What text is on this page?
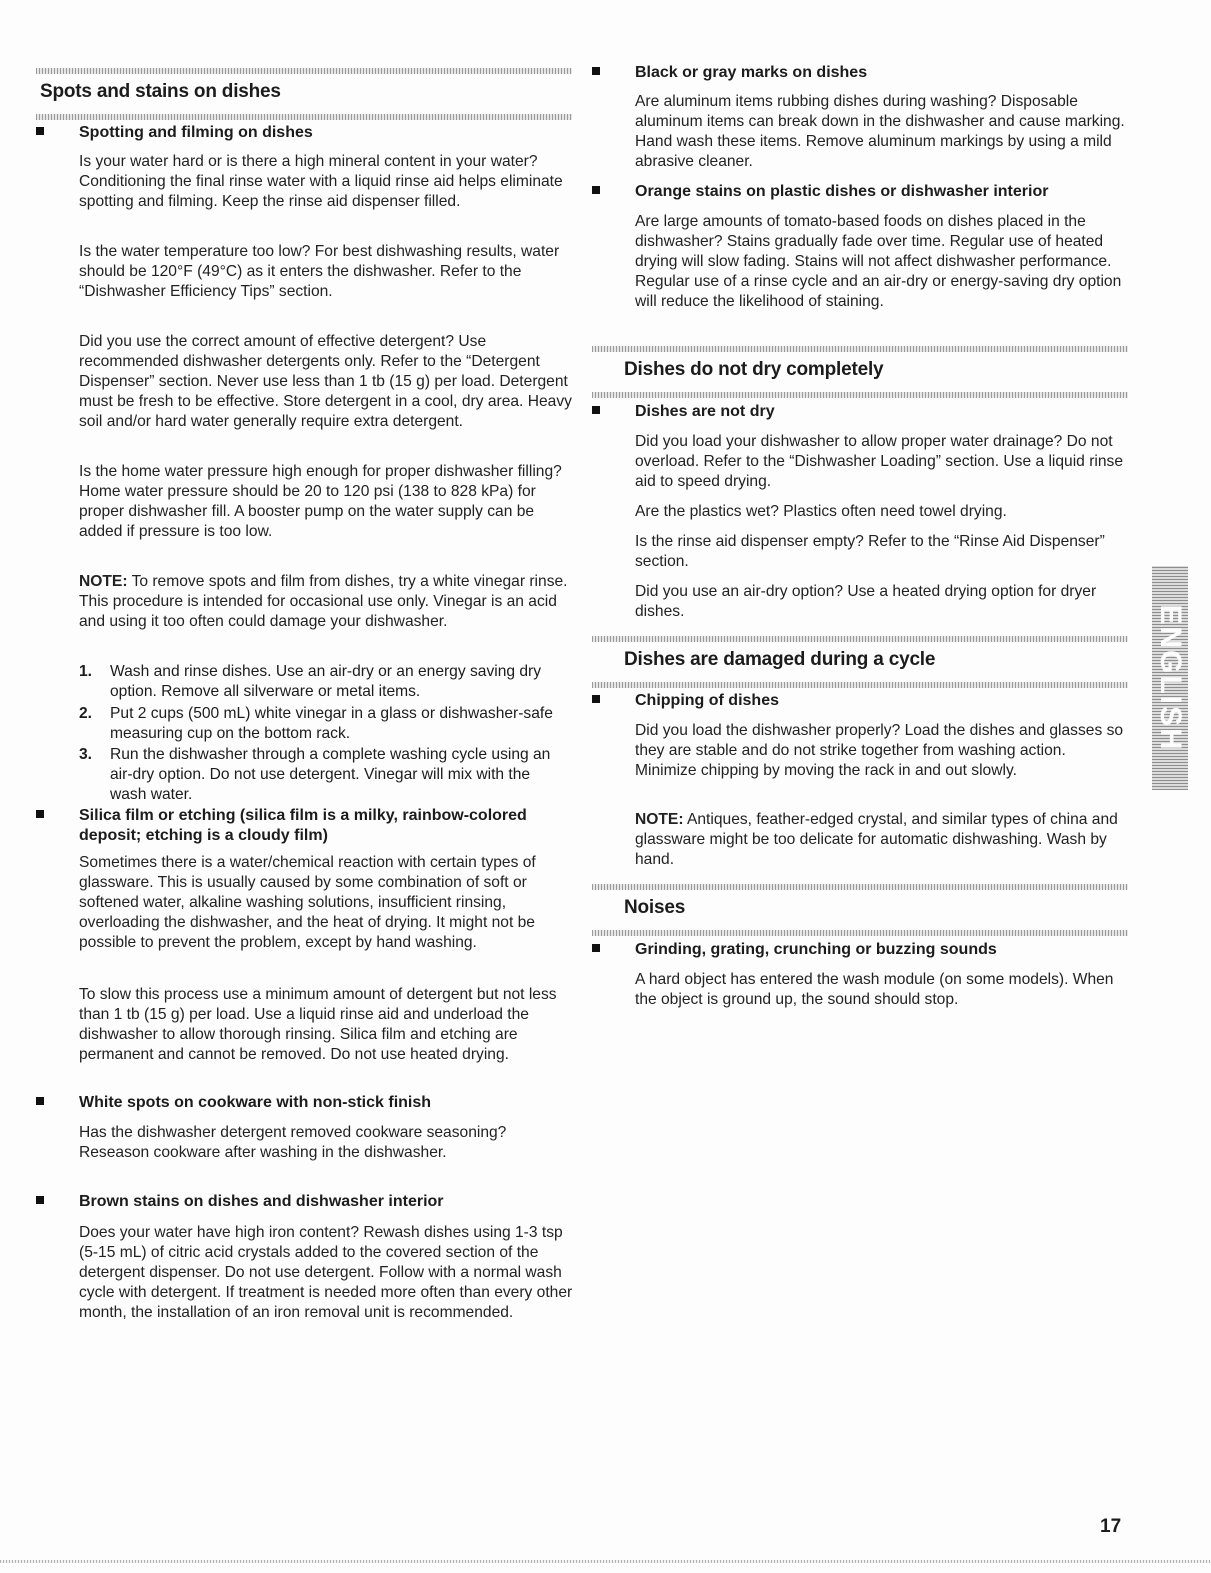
Spots and stains on dishes
Spotting and filming on dishes

Is your water hard or is there a high mineral content in your water? Conditioning the final rinse water with a liquid rinse aid helps eliminate spotting and filming. Keep the rinse aid dispenser filled.

Is the water temperature too low? For best dishwashing results, water should be 120°F (49°C) as it enters the dishwasher. Refer to the “Dishwasher Efficiency Tips” section.

Did you use the correct amount of effective detergent? Use recommended dishwasher detergents only. Refer to the “Detergent Dispenser” section. Never use less than 1 tb (15 g) per load. Detergent must be fresh to be effective. Store detergent in a cool, dry area. Heavy soil and/or hard water generally require extra detergent.

Is the home water pressure high enough for proper dishwasher filling? Home water pressure should be 20 to 120 psi (138 to 828 kPa) for proper dishwasher fill. A booster pump on the water supply can be added if pressure is too low.

NOTE: To remove spots and film from dishes, try a white vinegar rinse. This procedure is intended for occasional use only. Vinegar is an acid and using it too often could damage your dishwasher.

1. Wash and rinse dishes. Use an air-dry or an energy saving dry option. Remove all silverware or metal items.
2. Put 2 cups (500 mL) white vinegar in a glass or dishwasher-safe measuring cup on the bottom rack.
3. Run the dishwasher through a complete washing cycle using an air-dry option. Do not use detergent. Vinegar will mix with the wash water.
Silica film or etching (silica film is a milky, rainbow-colored deposit; etching is a cloudy film)

Sometimes there is a water/chemical reaction with certain types of glassware. This is usually caused by some combination of soft or softened water, alkaline washing solutions, insufficient rinsing, overloading the dishwasher, and the heat of drying. It might not be possible to prevent the problem, except by hand washing.

To slow this process use a minimum amount of detergent but not less than 1 tb (15 g) per load. Use a liquid rinse aid and underload the dishwasher to allow thorough rinsing. Silica film and etching are permanent and cannot be removed. Do not use heated drying.

White spots on cookware with non-stick finish

Has the dishwasher detergent removed cookware seasoning? Reseason cookware after washing in the dishwasher.

Brown stains on dishes and dishwasher interior

Does your water have high iron content? Rewash dishes using 1-3 tsp (5-15 mL) of citric acid crystals added to the covered section of the detergent dispenser. Do not use detergent. Follow with a normal wash cycle with detergent. If treatment is needed more often than every other month, the installation of an iron removal unit is recommended.

Black or gray marks on dishes

Are aluminum items rubbing dishes during washing? Disposable aluminum items can break down in the dishwasher and cause marking. Hand wash these items. Remove aluminum markings by using a mild abrasive cleaner.

Orange stains on plastic dishes or dishwasher interior

Are large amounts of tomato-based foods on dishes placed in the dishwasher? Stains gradually fade over time. Regular use of heated drying will slow fading. Stains will not affect dishwasher performance. Regular use of a rinse cycle and an air-dry or energy-saving dry option will reduce the likelihood of staining.

Dishes do not dry completely
Dishes are not dry

Did you load your dishwasher to allow proper water drainage? Do not overload. Refer to the “Dishwasher Loading” section. Use a liquid rinse aid to speed drying.

Are the plastics wet? Plastics often need towel drying.

Is the rinse aid dispenser empty? Refer to the “Rinse Aid Dispenser” section.

Did you use an air-dry option? Use a heated drying option for dryer dishes.

Dishes are damaged during a cycle
Chipping of dishes

Did you load the dishwasher properly? Load the dishes and glasses so they are stable and do not strike together from washing action. Minimize chipping by moving the rack in and out slowly.

NOTE: Antiques, feather-edged crystal, and similar types of china and glassware might be too delicate for automatic dishwashing. Wash by hand.

Noises
Grinding, grating, crunching or buzzing sounds

A hard object has entered the wash module (on some models). When the object is ground up, the sound should stop.

ENGLISH
17
